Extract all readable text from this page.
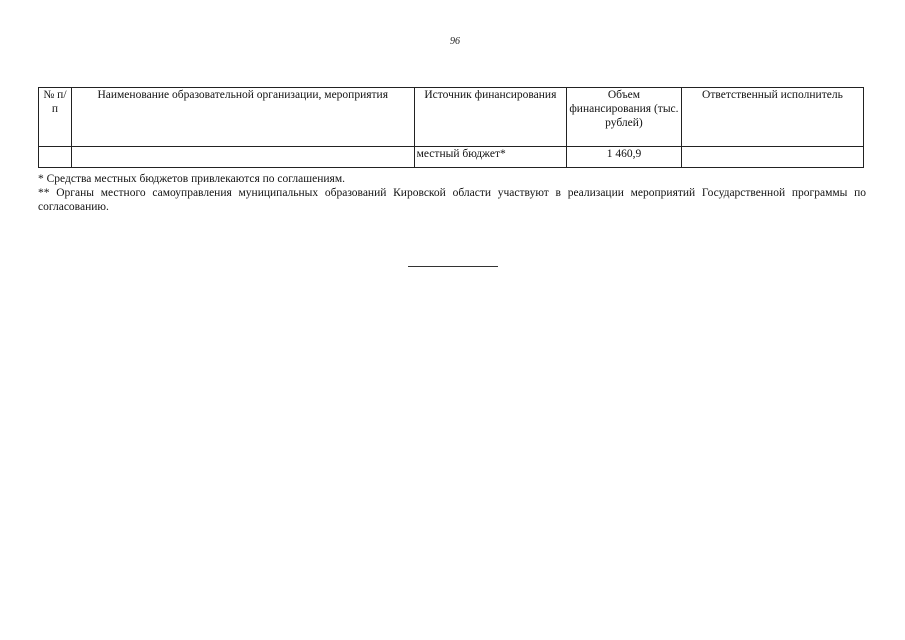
96
№ п/п	Наименование образовательной организации, мероприятия	Источник финансирования	Объем финансирования (тыс. рублей)	Ответственный исполнитель
		местный бюджет*	1 460,9	

* Средства местных бюджетов привлекаются по соглашениям.

** Органы местного самоуправления муниципальных образований Кировской области участвуют в реализации мероприятий Государственной программы по согласованию.
